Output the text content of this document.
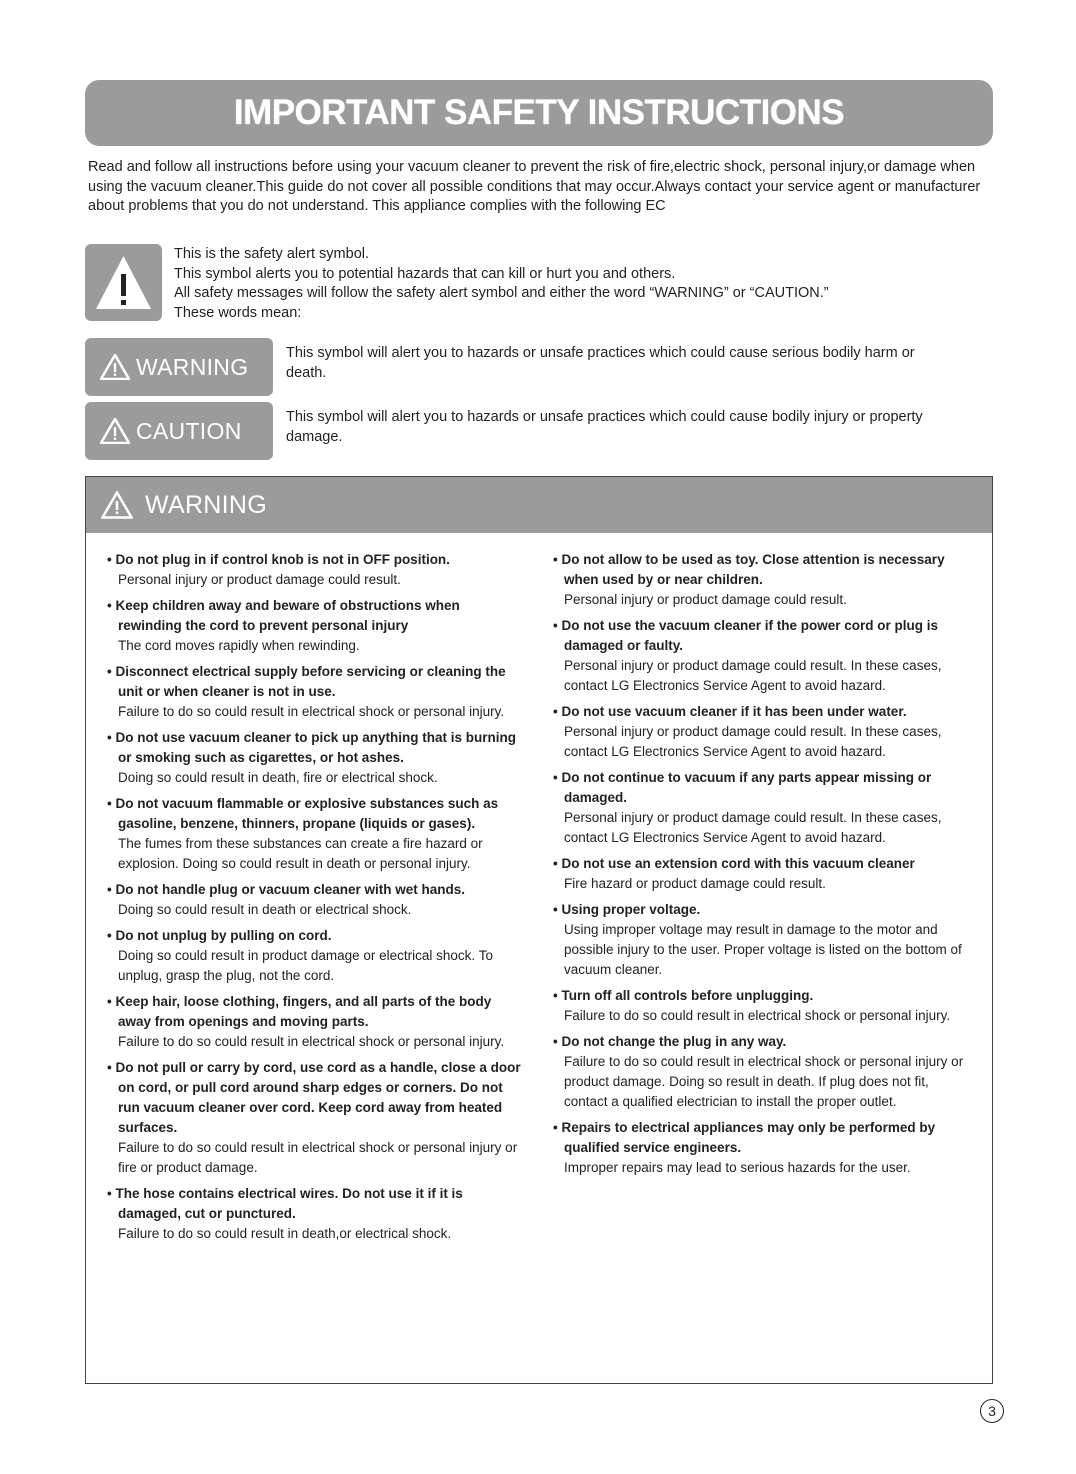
IMPORTANT SAFETY INSTRUCTIONS

Read and follow all instructions before using your vacuum cleaner to prevent the risk of fire,electric shock, personal injury,or damage when using the vacuum cleaner.This guide do not cover all possible conditions that may occur.Always contact your service agent or manufacturer about problems that you do not understand. This appliance complies with the following EC

This is the safety alert symbol.
This symbol alerts you to potential hazards that can kill or hurt you and others.
All safety messages will follow the safety alert symbol and either the word “WARNING” or “CAUTION.”
These words mean:
WARNING
This symbol will alert you to hazards or unsafe practices which could cause serious bodily harm or death.
CAUTION
This symbol will alert you to hazards or unsafe practices which could cause bodily injury or property damage.
WARNING
• Do not plug in if control knob is not in OFF position.
Personal injury or product damage could result.
• Keep children away and beware of obstructions when rewinding the cord to prevent personal injury
The cord moves rapidly when rewinding.
• Disconnect electrical supply before servicing or cleaning the unit or when cleaner is not in use.
Failure to do so could result in electrical shock or personal injury.
• Do not use vacuum cleaner to pick up anything that is burning or smoking such as cigarettes, or hot ashes.
Doing so could result in death, fire or electrical shock.
• Do not vacuum flammable or explosive substances such as gasoline, benzene, thinners, propane (liquids or gases).
The fumes from these substances can create a fire hazard or explosion. Doing so could result in death or personal injury.
• Do not handle plug or vacuum cleaner with wet hands.
Doing so could result in death or electrical shock.
• Do not unplug by pulling on cord.
Doing so could result in product damage or electrical shock. To unplug, grasp the plug, not the cord.
• Keep hair, loose clothing, fingers, and all parts of the body away from openings and moving parts.
Failure to do so could result in electrical shock or personal injury.
• Do not pull or carry by cord, use cord as a handle, close a door on cord, or pull cord around sharp edges or corners. Do not run vacuum cleaner over cord. Keep cord away from heated surfaces.
Failure to do so could result in electrical shock or personal injury or fire or product damage.
• The hose contains electrical wires. Do not use it if it is damaged, cut or punctured.
Failure to do so could result in death,or electrical shock.
• Do not allow to be used as toy. Close attention is necessary when used by or near children.
Personal injury or product damage could result.
• Do not use the vacuum cleaner if the power cord or plug is damaged or faulty.
Personal injury or product damage could result. In these cases, contact LG Electronics Service Agent to avoid hazard.
• Do not use vacuum cleaner if it has been under water.
Personal injury or product damage could result. In these cases, contact LG Electronics Service Agent to avoid hazard.
• Do not continue to vacuum if any parts appear missing or damaged.
Personal injury or product damage could result. In these cases, contact LG Electronics Service Agent to avoid hazard.
• Do not use an extension cord with this vacuum cleaner
Fire hazard or product damage could result.
• Using proper voltage.
Using improper voltage may result in damage to the motor and possible injury to the user. Proper voltage is listed on the bottom of vacuum cleaner.
• Turn off all controls before unplugging.
Failure to do so could result in electrical shock or personal injury.
• Do not change the plug in any way.
Failure to do so could result in electrical shock or personal injury or product damage. Doing so result in death. If plug does not fit, contact a qualified electrician to install the proper outlet.
• Repairs to electrical appliances may only be performed by qualified service engineers.
Improper repairs may lead to serious hazards for the user.
3
